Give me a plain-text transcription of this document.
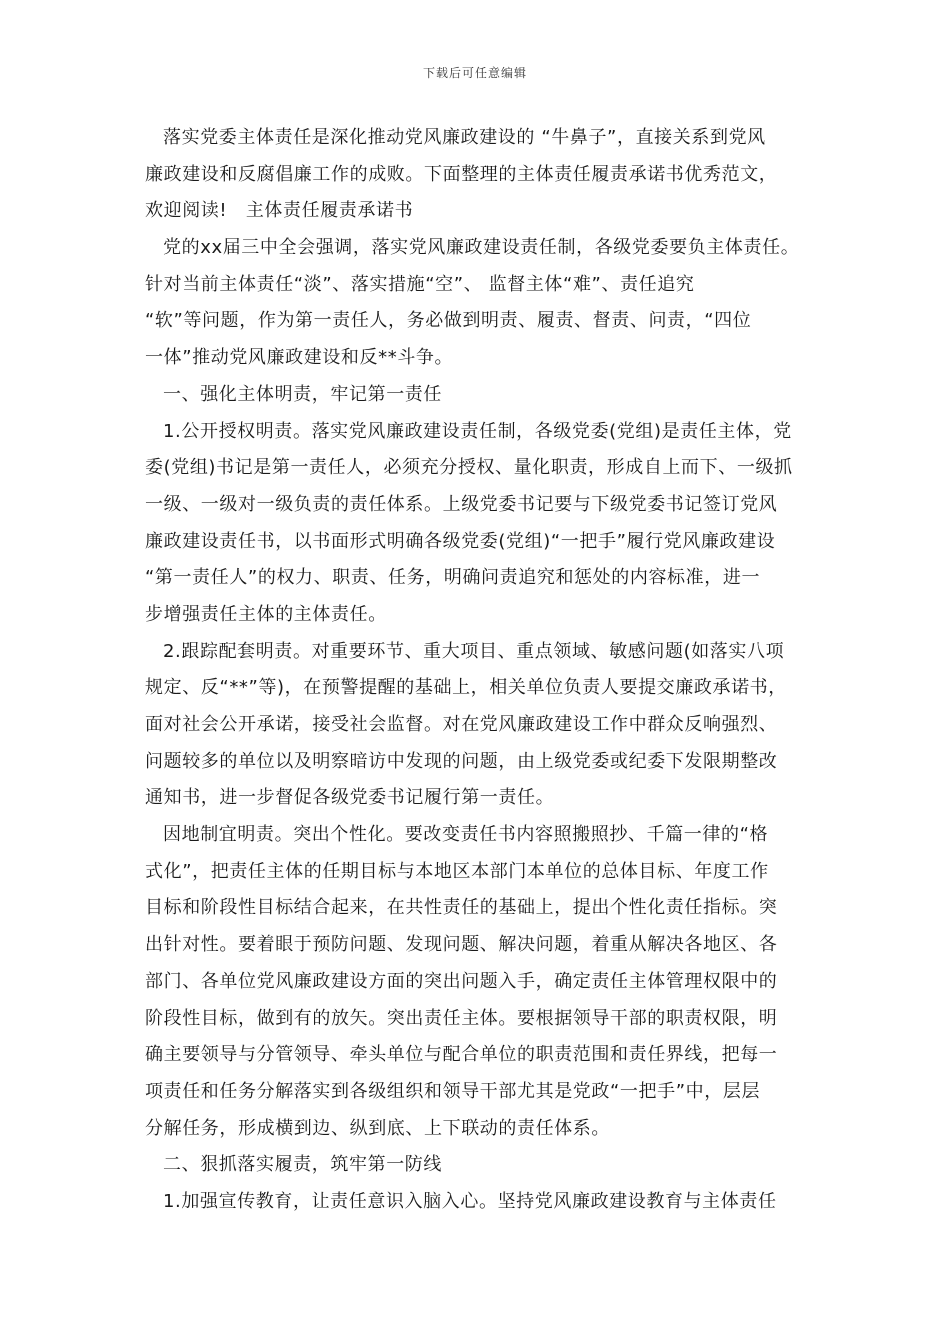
下载后可任意编辑
落实党委主体责任是深化推动党风廉政建设的 “牛鼻子”，直接关系到党风
廉政建设和反腐倡廉工作的成败。下面整理的主体责任履责承诺书优秀范文，
欢迎阅读!　主体责任履责承诺书
党的xx届三中全会强调，落实党风廉政建设责任制，各级党委要负主体责任。
针对当前主体责任“淡”、落实措施“空”、 监督主体“难”、责任追究
“软”等问题，作为第一责任人，务必做到明责、履责、督责、问责，“四位
一体”推动党风廉政建设和反**斗争。
一、强化主体明责，牢记第一责任
1.公开授权明责。落实党风廉政建设责任制，各级党委(党组)是责任主体，党
委(党组)书记是第一责任人，必须充分授权、量化职责，形成自上而下、一级抓
一级、一级对一级负责的责任体系。上级党委书记要与下级党委书记签订党风
廉政建设责任书，以书面形式明确各级党委(党组)“一把手”履行党风廉政建设
“第一责任人”的权力、职责、任务，明确问责追究和惩处的内容标准，进一
步增强责任主体的主体责任。
2.跟踪配套明责。对重要环节、重大项目、重点领域、敏感问题(如落实八项
规定、反“**”等)，在预警提醒的基础上，相关单位负责人要提交廉政承诺书，
面对社会公开承诺，接受社会监督。对在党风廉政建设工作中群众反响强烈、
问题较多的单位以及明察暗访中发现的问题，由上级党委或纪委下发限期整改
通知书，进一步督促各级党委书记履行第一责任。
因地制宜明责。突出个性化。要改变责任书内容照搬照抄、千篇一律的“格
式化”，把责任主体的任期目标与本地区本部门本单位的总体目标、年度工作
目标和阶段性目标结合起来，在共性责任的基础上，提出个性化责任指标。突
出针对性。要着眼于预防问题、发现问题、解决问题，着重从解决各地区、各
部门、各单位党风廉政建设方面的突出问题入手，确定责任主体管理权限中的
阶段性目标，做到有的放矢。突出责任主体。要根据领导干部的职责权限，明
确主要领导与分管领导、牵头单位与配合单位的职责范围和责任界线，把每一
项责任和任务分解落实到各级组织和领导干部尤其是党政“一把手”中，层层
分解任务，形成横到边、纵到底、上下联动的责任体系。
二、狠抓落实履责，筑牢第一防线
1.加强宣传教育，让责任意识入脑入心。坚持党风廉政建设教育与主体责任
